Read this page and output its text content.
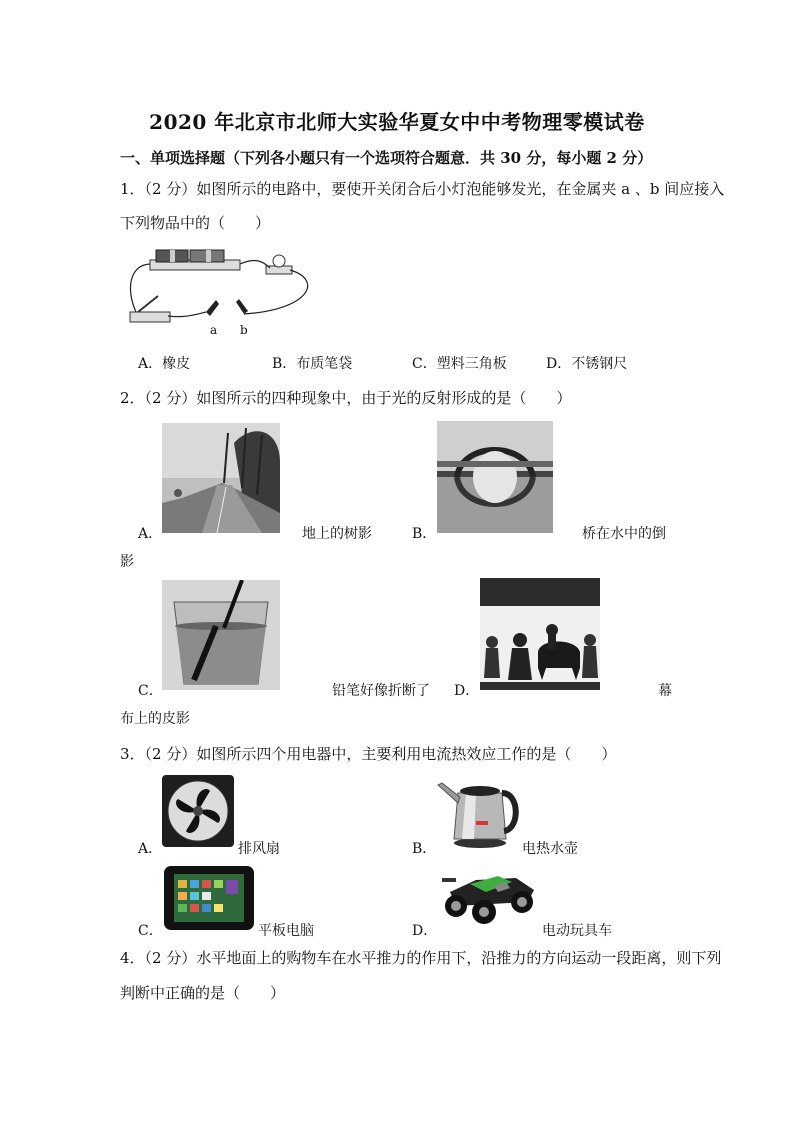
2020 年北京市北师大实验华夏女中中考物理零模试卷
一、单项选择题（下列各小题只有一个选项符合题意．共 30 分，每小题 2 分）
1．（2 分）如图所示的电路中，要使开关闭合后小灯泡能够发光，在金属夹 a 、b 间应接入
下列物品中的（　　）
a b
A．橡皮	B．布质笔袋	C．塑料三角板	D．不锈钢尺
2．（2 分）如图所示的四种现象中，由于光的反射形成的是（　　）
A．	地上的树影	B．	桥在水中的倒
影
C．	铅笔好像折断了 D．	幕
布上的皮影
3．（2 分）如图所示四个用电器中，主要利用电流热效应工作的是（　　）
A．	排风扇	B．	电热水壶
C．	平板电脑	D．	电动玩具车
4．（2 分）水平地面上的购物车在水平推力的作用下，沿推力的方向运动一段距离，则下列
判断中正确的是（　　）
